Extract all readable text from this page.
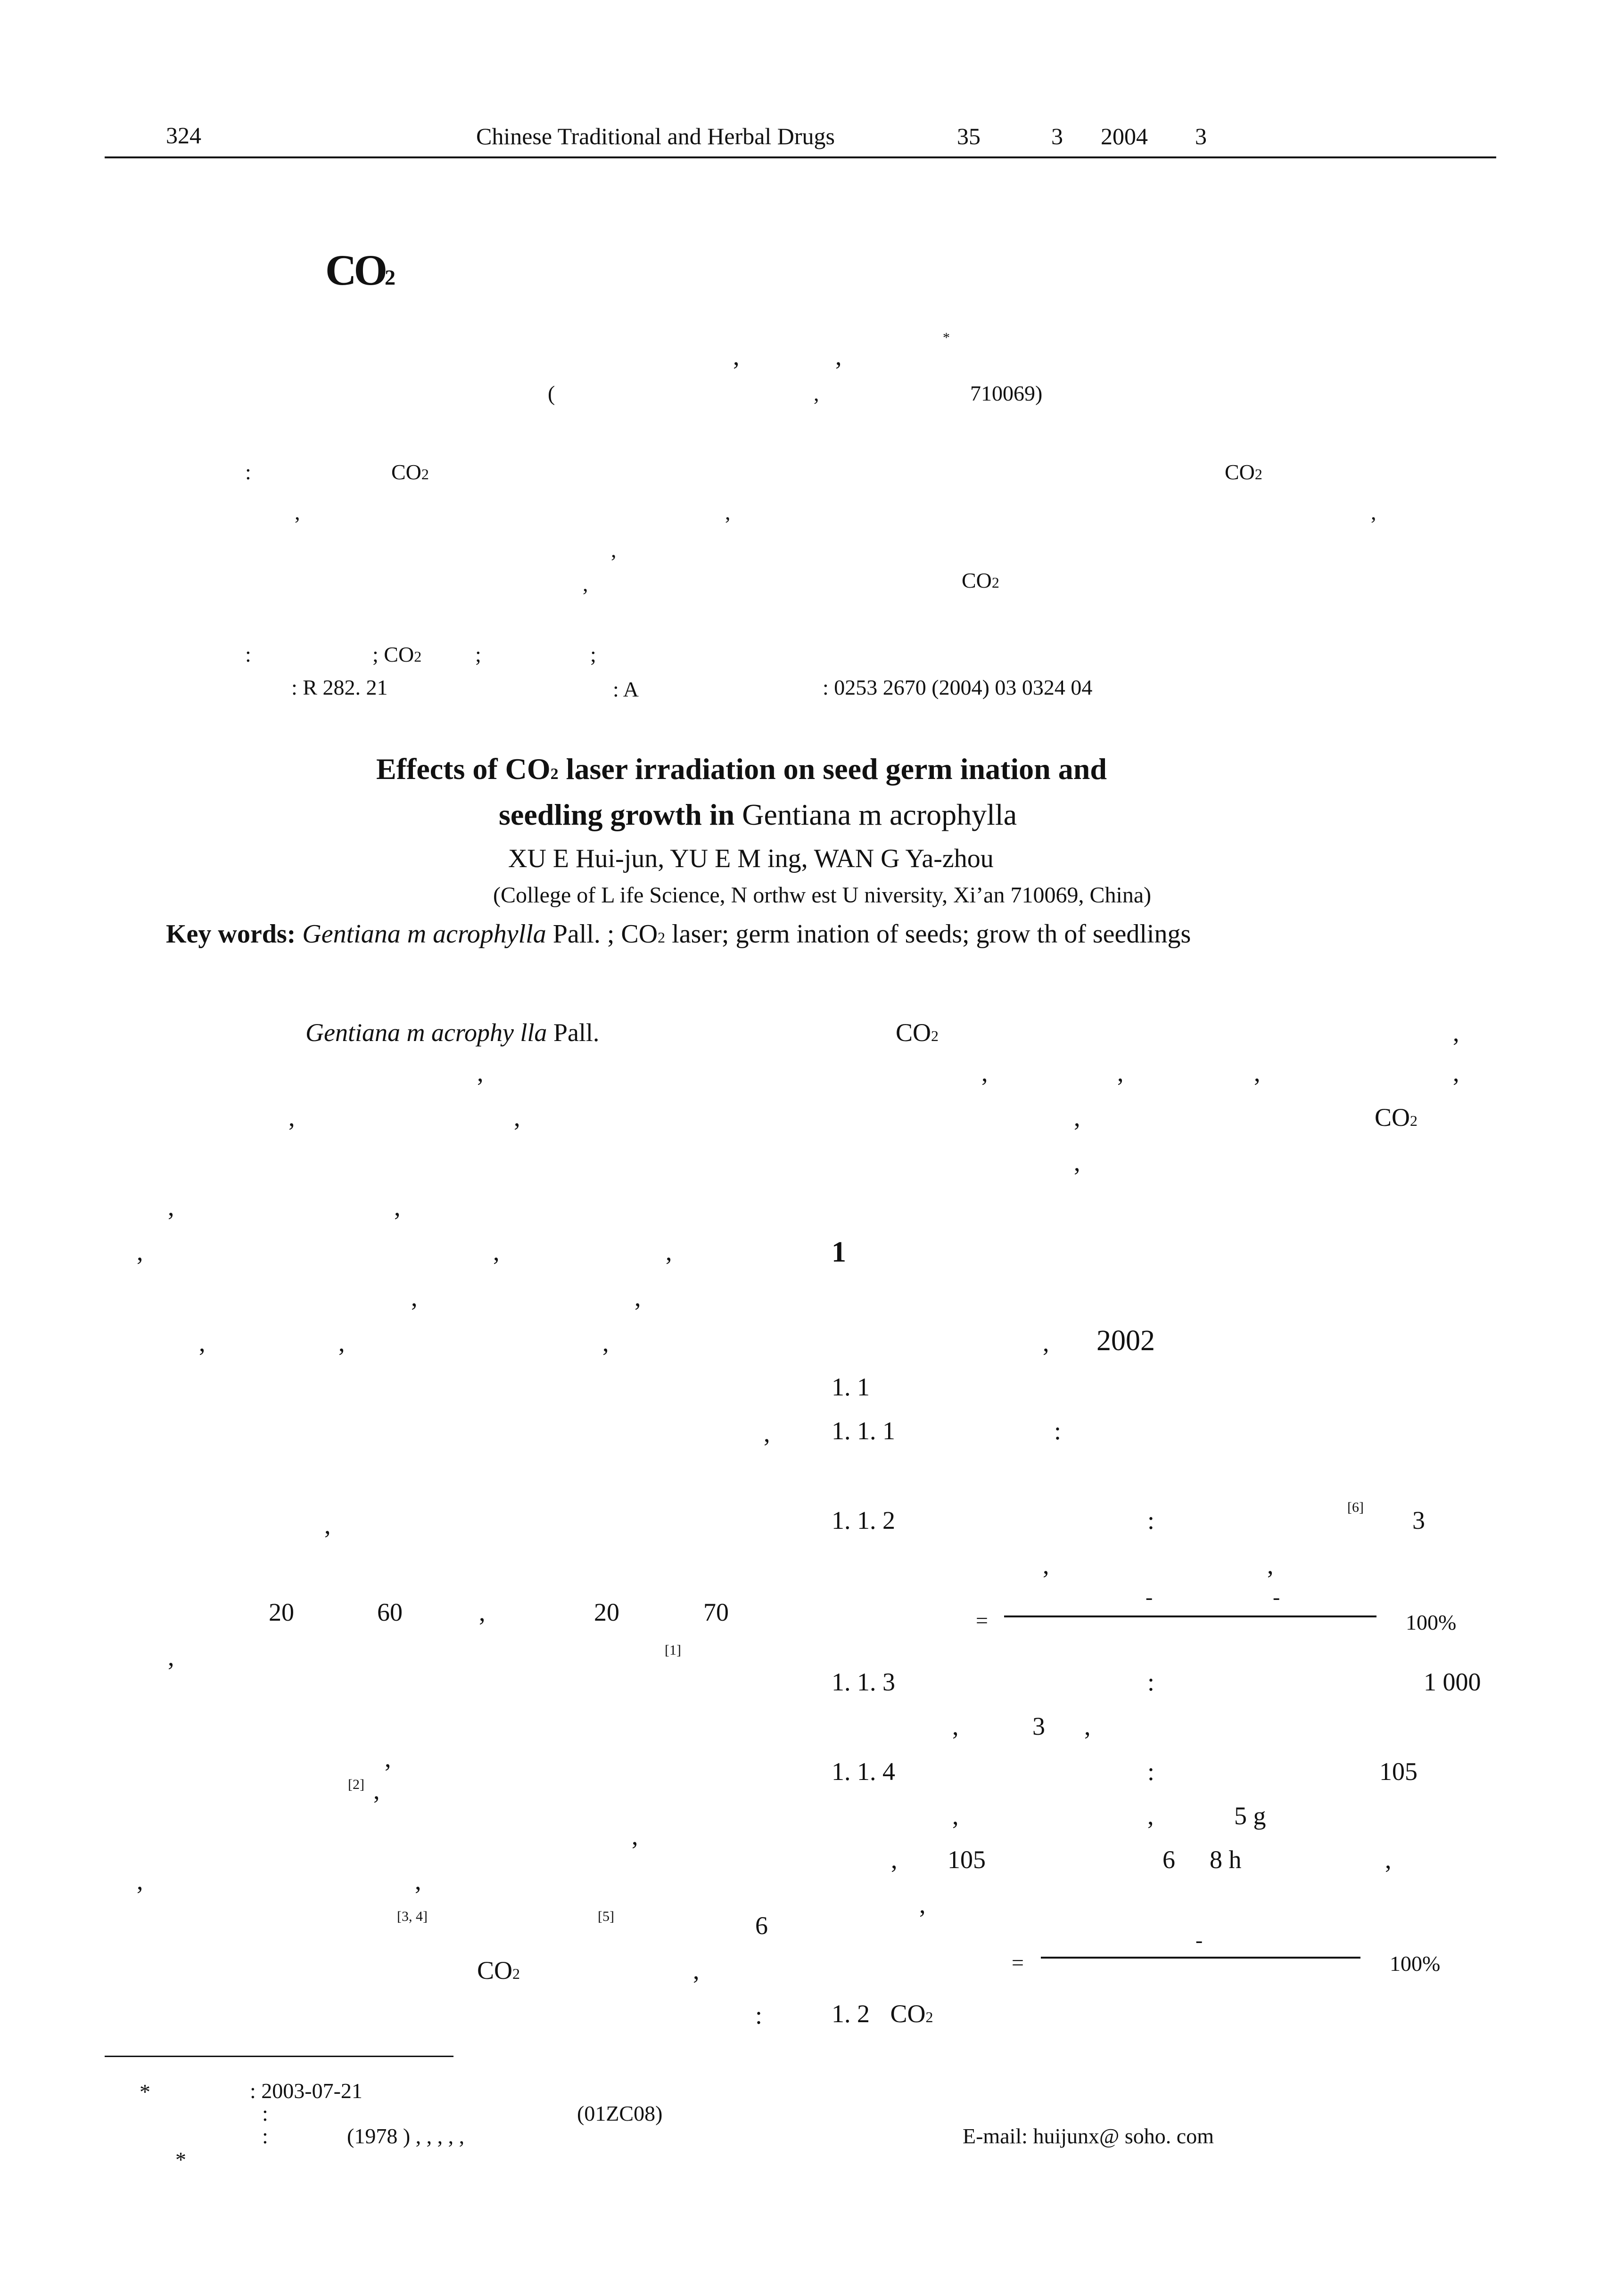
324	Chinese Traditional and Herbal Drugs	35	3 2004 3
CO2
,	,
*
(	,	710069)
:	CO2	CO2
,	,	,
,
,	CO2
:	; CO2 ;	;
: R 282. 21	: A	: 0253 2670 (2004) 03 0324 04
Effects of CO2 laser irradiation on seed germ ination and
seedling growth in Gentiana m acrophylla
XU E Hui-jun, YU E M ing, WAN G Ya-zhou
(College of L ife Science, N orthw est U niversity, Xi’an 710069, China)
Key words: Gentiana m acrophylla Pall. ; CO2 laser; germ ination of seeds; grow th of seedlings
Gentiana m acrophy lla Pall.
,
,	,
,	,
,	,	,
,	,
,	,	,
,
,
20	60	,	20	70
[1]
,
,
[2] ,
,
,	,
[3, 4]	[5]	6
CO2	,
:
CO2	,
,	,	,	,
,	CO2
,
1
, 2002
1. 1
1. 1. 1	:
1. 1. 2	:	[6] 3
,	,
-	-
=	100%
1. 1. 3	:	1 000
,	3 ,
1. 1. 4	:	105
,	,	5 g
, 105	6 8 h	,
,
-
=	100%
1. 2 CO2
*	: 2003-07-21
:	(01ZC08)
:	(1978 ) , , , , ,	E-mail: huijunx@ soho. com
*
